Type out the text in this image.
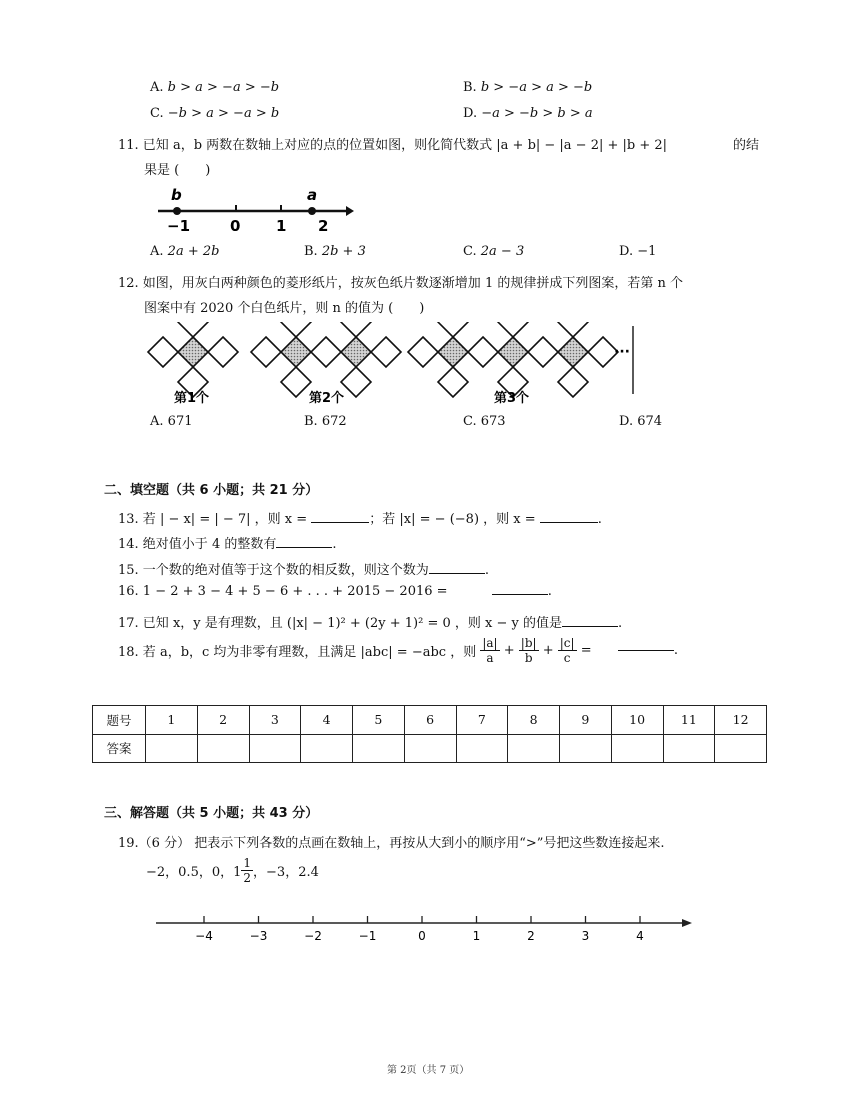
A. b > a > −a > −b	B. b > −a > a > −b
C. −b > a > −a > b	D. −a > −b > b > a
11. 已知 a，b 两数在数轴上对应的点的位置如图，则化简代数式 |a + b| − |a − 2| + |b + 2|	的结
果是 (　　)
b	a
−1	0 1 2
A. 2a + 2b	B. 2b + 3	C. 2a − 3	D. −1
12. 如图，用灰白两种颜色的菱形纸片，按灰色纸片数逐渐增加 1 的规律拼成下列图案，若第 n 个
图案中有 2020 个白色纸片，则 n 的值为 (　　)
第1个	第2个	第3个
···
A. 671	B. 672	C. 673	D. 674
二、填空题（共 6 小题；共 21 分）
13. 若 | − x| = | − 7| ，则 x =	；若 |x| = − (−8) ，则 x =	.
14. 绝对值小于 4 的整数有	.
15. 一个数的绝对值等于这个数的相反数，则这个数为	.
16. 1 − 2 + 3 − 4 + 5 − 6 + . . . + 2015 − 2016 =	.
17. 已知 x，y 是有理数，且 (|x| − 1)² + (2y + 1)² = 0 ，则 x − y 的值是	.
18. 若 a，b，c 均为非零有理数，且满足 |abc| = −abc ，则 $\frac{|a|}{a} + \frac{|b|}{b} + \frac{|c|}{c}$ =	.
题号	1	2	3	4	5	6	7	8	9	10	11	12
答案												
三、解答题（共 5 小题；共 43 分）
19.（6 分） 把表示下列各数的点画在数轴上，再按从大到小的顺序用“>”号把这些数连接起来.
−2，0.5，0，$1 \frac{1}{2}$ ，−3，2.4
−4	−3	−2	−1	0	1	2	3	4
第 2页（共 7 页）
